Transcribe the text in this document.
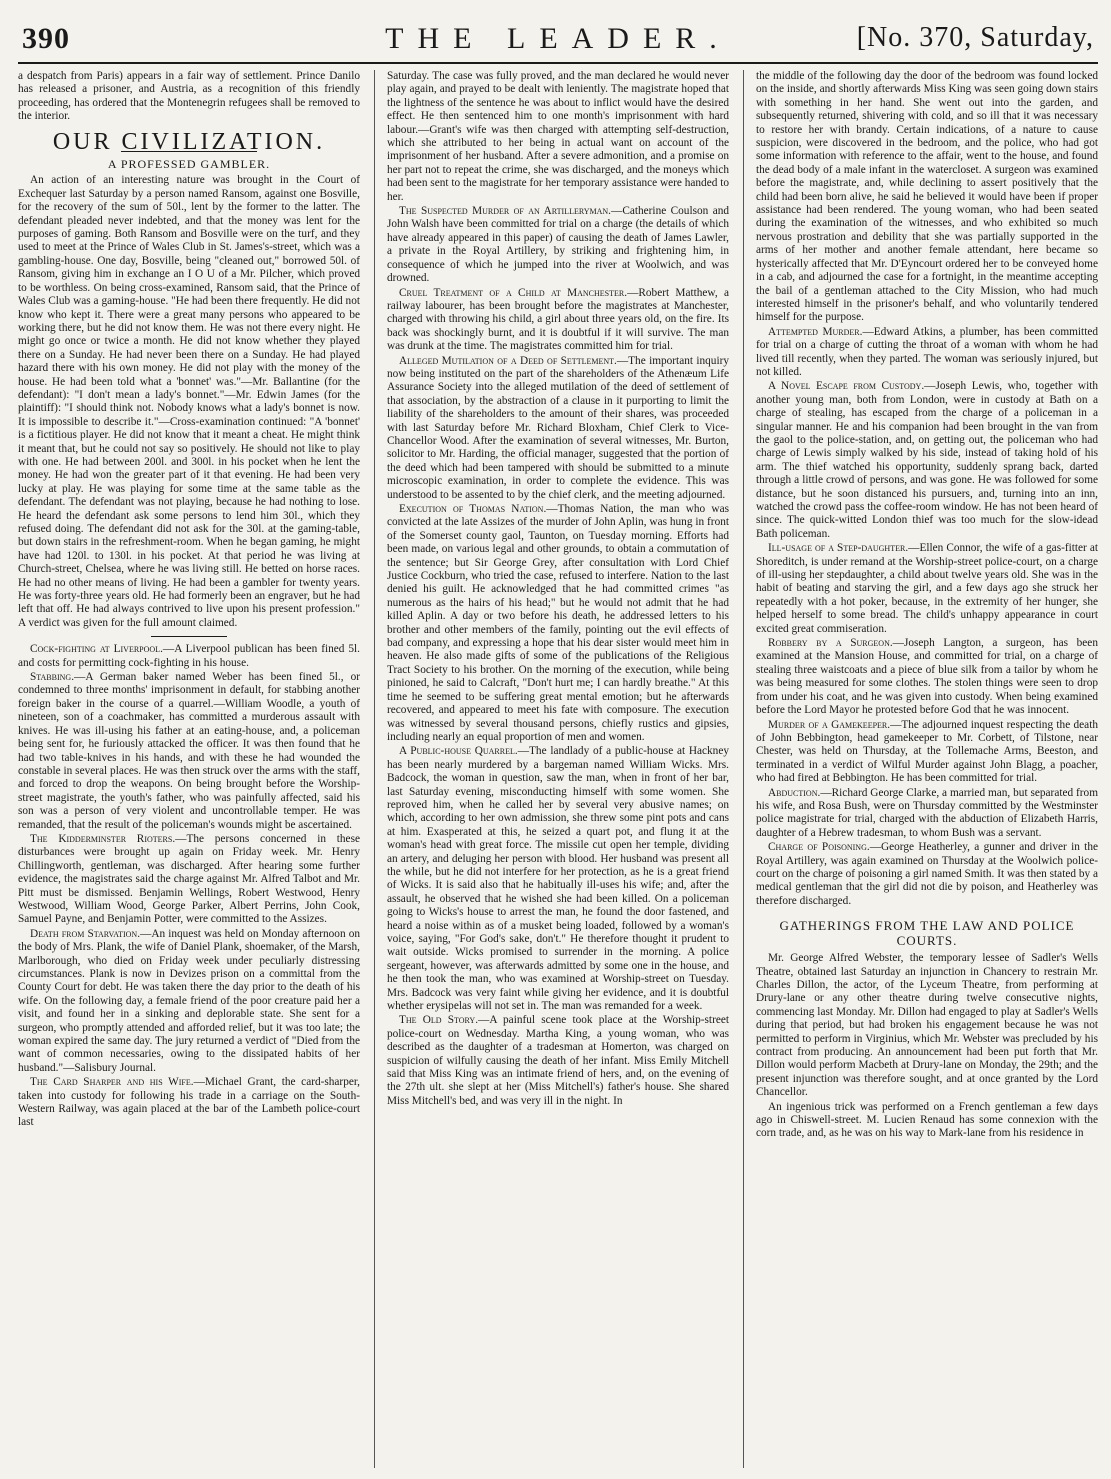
390	THE LEADER.	[No. 370, Saturday,

a despatch from Paris) appears in a fair way of settlement. Prince Danilo has released a prisoner, and Austria, as a recognition of this friendly proceeding, has ordered that the Montenegrin refugees shall be removed to the interior.

OUR CIVILIZATION.
A PROFESSED GAMBLER.

An action of an interesting nature was brought in the Court of Exchequer last Saturday by a person named Ransom, against one Bosville, for the recovery of the sum of 50l., lent by the former to the latter. The defendant pleaded never indebted, and that the money was lent for the purposes of gaming. Both Ransom and Bosville were on the turf, and they used to meet at the Prince of Wales Club in St. James's-street, which was a gambling-house. One day, Bosville, being "cleaned out," borrowed 50l. of Ransom, giving him in exchange an I O U of a Mr. Pilcher, which proved to be worthless. On being cross-examined, Ransom said, that the Prince of Wales Club was a gaming-house. "He had been there frequently. He did not know who kept it. There were a great many persons who appeared to be working there, but he did not know them. He was not there every night. He might go once or twice a month. He did not know whether they played there on a Sunday. He had never been there on a Sunday. He had played hazard there with his own money. He did not play with the money of the house. He had been told what a 'bonnet' was."—Mr. Ballantine (for the defendant): "I don't mean a lady's bonnet."—Mr. Edwin James (for the plaintiff): "I should think not. Nobody knows what a lady's bonnet is now. It is impossible to describe it."—Cross-examination continued: "A 'bonnet' is a fictitious player. He did not know that it meant a cheat. He might think it meant that, but he could not say so positively. He should not like to play with one. He had between 200l. and 300l. in his pocket when he lent the money. He had won the greater part of it that evening. He had been very lucky at play. He was playing for some time at the same table as the defendant. The defendant was not playing, because he had nothing to lose. He heard the defendant ask some persons to lend him 30l., which they refused doing. The defendant did not ask for the 30l. at the gaming-table, but down stairs in the refreshment-room. When he began gaming, he might have had 120l. to 130l. in his pocket. At that period he was living at Church-street, Chelsea, where he was living still. He betted on horse races. He had no other means of living. He had been a gambler for twenty years. He was forty-three years old. He had formerly been an engraver, but he had left that off. He had always contrived to live upon his present profession." A verdict was given for the full amount claimed.

Cock-fighting at Liverpool.—A Liverpool publican has been fined 5l. and costs for permitting cock-fighting in his house.

Stabbing.—A German baker named Weber has been fined 5l., or condemned to three months' imprisonment in default, for stabbing another foreign baker in the course of a quarrel.—William Woodle, a youth of nineteen, son of a coachmaker, has committed a murderous assault with knives. He was ill-using his father at an eating-house, and, a policeman being sent for, he furiously attacked the officer. It was then found that he had two table-knives in his hands, and with these he had wounded the constable in several places. He was then struck over the arms with the staff, and forced to drop the weapons. On being brought before the Worship-street magistrate, the youth's father, who was painfully affected, said his son was a person of very violent and uncontrollable temper. He was remanded, that the result of the policeman's wounds might be ascertained.

The Kidderminster Rioters.—The persons concerned in these disturbances were brought up again on Friday week. Mr. Henry Chillingworth, gentleman, was discharged. After hearing some further evidence, the magistrates said the charge against Mr. Alfred Talbot and Mr. Pitt must be dismissed. Benjamin Wellings, Robert Westwood, Henry Westwood, William Wood, George Parker, Albert Perrins, John Cook, Samuel Payne, and Benjamin Potter, were committed to the Assizes.

Death from Starvation.—An inquest was held on Monday afternoon on the body of Mrs. Plank, the wife of Daniel Plank, shoemaker, of the Marsh, Marlborough, who died on Friday week under peculiarly distressing circumstances. Plank is now in Devizes prison on a committal from the County Court for debt. He was taken there the day prior to the death of his wife. On the following day, a female friend of the poor creature paid her a visit, and found her in a sinking and deplorable state. She sent for a surgeon, who promptly attended and afforded relief, but it was too late; the woman expired the same day. The jury returned a verdict of "Died from the want of common necessaries, owing to the dissipated habits of her husband."—Salisbury Journal.

The Card Sharper and his Wife.—Michael Grant, the card-sharper, taken into custody for following his trade in a carriage on the South-Western Railway, was again placed at the bar of the Lambeth police-court last

Saturday. The case was fully proved, and the man declared he would never play again, and prayed to be dealt with leniently. The magistrate hoped that the lightness of the sentence he was about to inflict would have the desired effect. He then sentenced him to one month's imprisonment with hard labour.—Grant's wife was then charged with attempting self-destruction, which she attributed to her being in actual want on account of the imprisonment of her husband. After a severe admonition, and a promise on her part not to repeat the crime, she was discharged, and the moneys which had been sent to the magistrate for her temporary assistance were handed to her.

The Suspected Murder of an Artilleryman.—Catherine Coulson and John Walsh have been committed for trial on a charge (the details of which have already appeared in this paper) of causing the death of James Lawler, a private in the Royal Artillery, by striking and frightening him, in consequence of which he jumped into the river at Woolwich, and was drowned.

Cruel Treatment of a Child at Manchester.—Robert Matthew, a railway labourer, has been brought before the magistrates at Manchester, charged with throwing his child, a girl about three years old, on the fire. Its back was shockingly burnt, and it is doubtful if it will survive. The man was drunk at the time. The magistrates committed him for trial.

Alleged Mutilation of a Deed of Settlement.—The important inquiry now being instituted on the part of the shareholders of the Athenæum Life Assurance Society into the alleged mutilation of the deed of settlement of that association, by the abstraction of a clause in it purporting to limit the liability of the shareholders to the amount of their shares, was proceeded with last Saturday before Mr. Richard Bloxham, Chief Clerk to Vice-Chancellor Wood. After the examination of several witnesses, Mr. Burton, solicitor to Mr. Harding, the official manager, suggested that the portion of the deed which had been tampered with should be submitted to a minute microscopic examination, in order to complete the evidence. This was understood to be assented to by the chief clerk, and the meeting adjourned.

Execution of Thomas Nation.—Thomas Nation, the man who was convicted at the late Assizes of the murder of John Aplin, was hung in front of the Somerset county gaol, Taunton, on Tuesday morning. Efforts had been made, on various legal and other grounds, to obtain a commutation of the sentence; but Sir George Grey, after consultation with Lord Chief Justice Cockburn, who tried the case, refused to interfere. Nation to the last denied his guilt. He acknowledged that he had committed crimes "as numerous as the hairs of his head;" but he would not admit that he had killed Aplin. A day or two before his death, he addressed letters to his brother and other members of the family, pointing out the evil effects of bad company, and expressing a hope that his dear sister would meet him in heaven. He also made gifts of some of the publications of the Religious Tract Society to his brother. On the morning of the execution, while being pinioned, he said to Calcraft, "Don't hurt me; I can hardly breathe." At this time he seemed to be suffering great mental emotion; but he afterwards recovered, and appeared to meet his fate with composure. The execution was witnessed by several thousand persons, chiefly rustics and gipsies, including nearly an equal proportion of men and women.

A Public-house Quarrel.—The landlady of a public-house at Hackney has been nearly murdered by a bargeman named William Wicks. Mrs. Badcock, the woman in question, saw the man, when in front of her bar, last Saturday evening, misconducting himself with some women. She reproved him, when he called her by several very abusive names; on which, according to her own admission, she threw some pint pots and cans at him. Exasperated at this, he seized a quart pot, and flung it at the woman's head with great force. The missile cut open her temple, dividing an artery, and deluging her person with blood. Her husband was present all the while, but he did not interfere for her protection, as he is a great friend of Wicks. It is said also that he habitually ill-uses his wife; and, after the assault, he observed that he wished she had been killed. On a policeman going to Wicks's house to arrest the man, he found the door fastened, and heard a noise within as of a musket being loaded, followed by a woman's voice, saying, "For God's sake, don't." He therefore thought it prudent to wait outside. Wicks promised to surrender in the morning. A police sergeant, however, was afterwards admitted by some one in the house, and he then took the man, who was examined at Worship-street on Tuesday. Mrs. Badcock was very faint while giving her evidence, and it is doubtful whether erysipelas will not set in. The man was remanded for a week.

The Old Story.—A painful scene took place at the Worship-street police-court on Wednesday. Martha King, a young woman, who was described as the daughter of a tradesman at Homerton, was charged on suspicion of wilfully causing the death of her infant. Miss Emily Mitchell said that Miss King was an intimate friend of hers, and, on the evening of the 27th ult. she slept at her (Miss Mitchell's) father's house. She shared Miss Mitchell's bed, and was very ill in the night. In

the middle of the following day the door of the bedroom was found locked on the inside, and shortly afterwards Miss King was seen going down stairs with something in her hand. She went out into the garden, and subsequently returned, shivering with cold, and so ill that it was necessary to restore her with brandy. Certain indications, of a nature to cause suspicion, were discovered in the bedroom, and the police, who had got some information with reference to the affair, went to the house, and found the dead body of a male infant in the watercloset. A surgeon was examined before the magistrate, and, while declining to assert positively that the child had been born alive, he said he believed it would have been if proper assistance had been rendered. The young woman, who had been seated during the examination of the witnesses, and who exhibited so much nervous prostration and debility that she was partially supported in the arms of her mother and another female attendant, here became so hysterically affected that Mr. D'Eyncourt ordered her to be conveyed home in a cab, and adjourned the case for a fortnight, in the meantime accepting the bail of a gentleman attached to the City Mission, who had much interested himself in the prisoner's behalf, and who voluntarily tendered himself for the purpose.

Attempted Murder.—Edward Atkins, a plumber, has been committed for trial on a charge of cutting the throat of a woman with whom he had lived till recently, when they parted. The woman was seriously injured, but not killed.

A Novel Escape from Custody.—Joseph Lewis, who, together with another young man, both from London, were in custody at Bath on a charge of stealing, has escaped from the charge of a policeman in a singular manner. He and his companion had been brought in the van from the gaol to the police-station, and, on getting out, the policeman who had charge of Lewis simply walked by his side, instead of taking hold of his arm. The thief watched his opportunity, suddenly sprang back, darted through a little crowd of persons, and was gone. He was followed for some distance, but he soon distanced his pursuers, and, turning into an inn, watched the crowd pass the coffee-room window. He has not been heard of since. The quick-witted London thief was too much for the slow-idead Bath policeman.

Ill-usage of a Step-daughter.—Ellen Connor, the wife of a gas-fitter at Shoreditch, is under remand at the Worship-street police-court, on a charge of ill-using her stepdaughter, a child about twelve years old. She was in the habit of beating and starving the girl, and a few days ago she struck her repeatedly with a hot poker, because, in the extremity of her hunger, she helped herself to some bread. The child's unhappy appearance in court excited great commiseration.

Robbery by a Surgeon.—Joseph Langton, a surgeon, has been examined at the Mansion House, and committed for trial, on a charge of stealing three waistcoats and a piece of blue silk from a tailor by whom he was being measured for some clothes. The stolen things were seen to drop from under his coat, and he was given into custody. When being examined before the Lord Mayor he protested before God that he was innocent.

Murder of a Gamekeeper.—The adjourned inquest respecting the death of John Bebbington, head gamekeeper to Mr. Corbett, of Tilstone, near Chester, was held on Thursday, at the Tollemache Arms, Beeston, and terminated in a verdict of Wilful Murder against John Blagg, a poacher, who had fired at Bebbington. He has been committed for trial.

Abduction.—Richard George Clarke, a married man, but separated from his wife, and Rosa Bush, were on Thursday committed by the Westminster police magistrate for trial, charged with the abduction of Elizabeth Harris, daughter of a Hebrew tradesman, to whom Bush was a servant.

Charge of Poisoning.—George Heatherley, a gunner and driver in the Royal Artillery, was again examined on Thursday at the Woolwich police-court on the charge of poisoning a girl named Smith. It was then stated by a medical gentleman that the girl did not die by poison, and Heatherley was therefore discharged.

GATHERINGS FROM THE LAW AND POLICE COURTS.

Mr. George Alfred Webster, the temporary lessee of Sadler's Wells Theatre, obtained last Saturday an injunction in Chancery to restrain Mr. Charles Dillon, the actor, of the Lyceum Theatre, from performing at Drury-lane or any other theatre during twelve consecutive nights, commencing last Monday. Mr. Dillon had engaged to play at Sadler's Wells during that period, but had broken his engagement because he was not permitted to perform in Virginius, which Mr. Webster was precluded by his contract from producing. An announcement had been put forth that Mr. Dillon would perform Macbeth at Drury-lane on Monday, the 29th; and the present injunction was therefore sought, and at once granted by the Lord Chancellor.

An ingenious trick was performed on a French gentleman a few days ago in Chiswell-street. M. Lucien Renaud has some connexion with the corn trade, and, as he was on his way to Mark-lane from his residence in
